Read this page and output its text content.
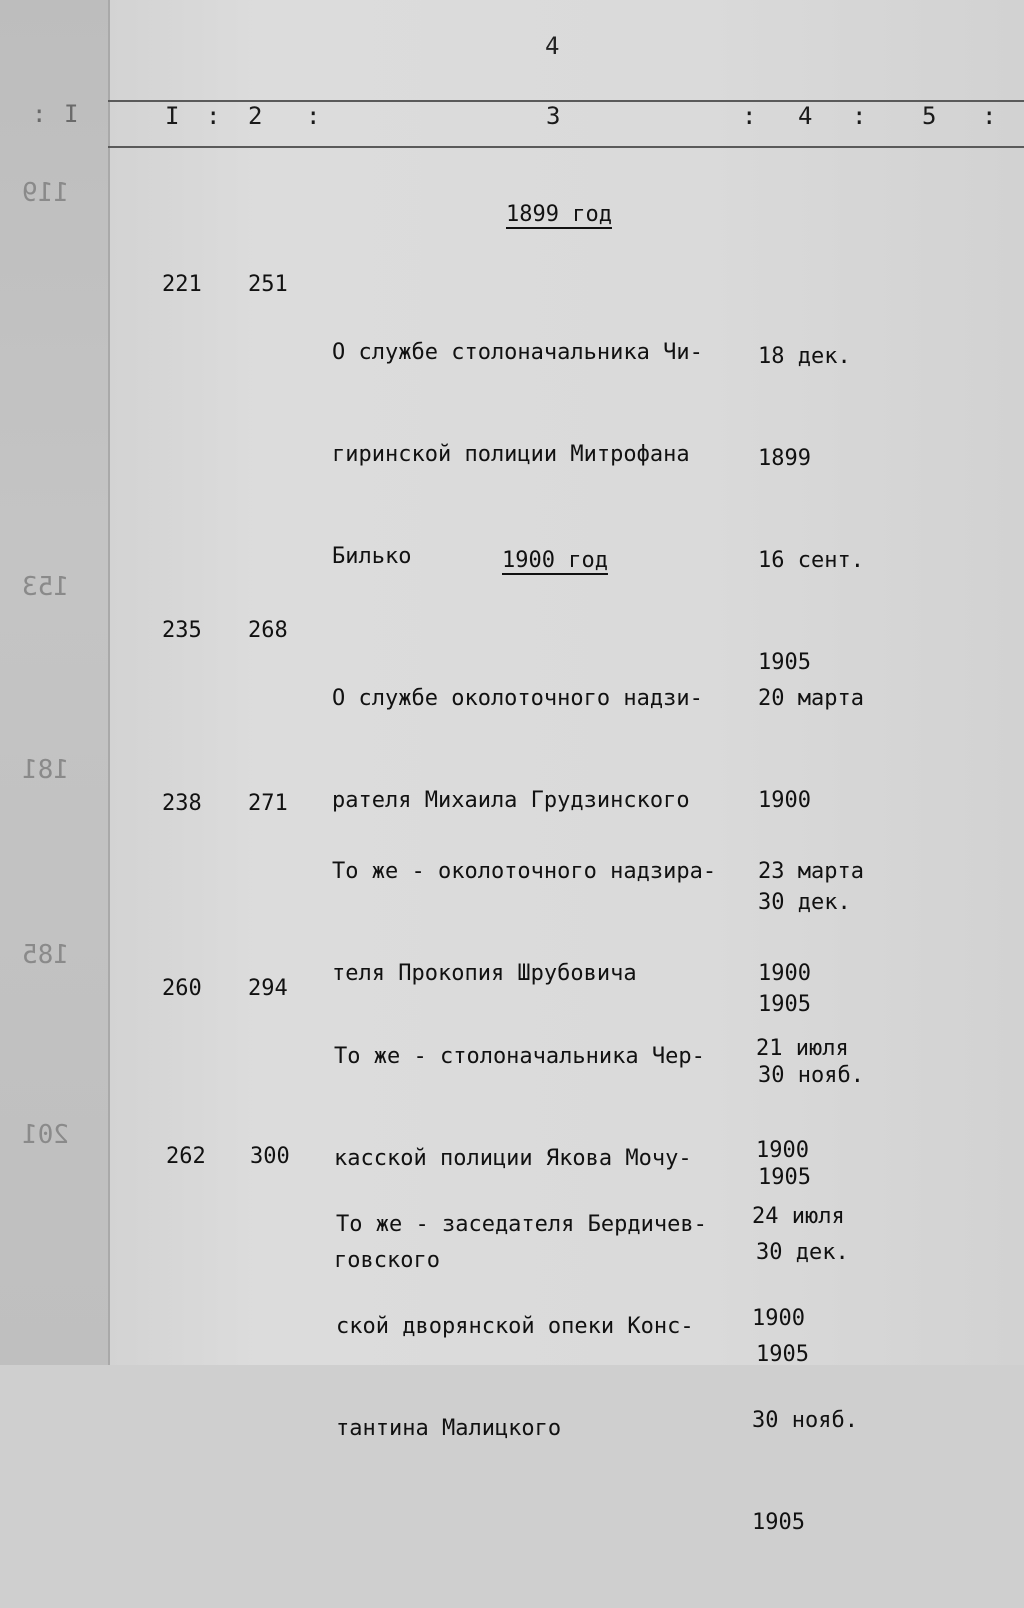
: I
119
153
181
185
201
4
I : 2 :	3	: 4 : 5 :
1899 год
221 251

О службе столоначальника Чи-

гиринской полиции Митрофана

Билько

18 дек.

1899

16 сент.

1905

1900 год
235 268

О службе околоточного надзи-

рателя Михаила Грудзинского

20 марта

1900

30 дек.

1905

238 271

То же - околоточного надзира-

теля Прокопия Шрубовича

23 марта

1900

30 нояб.

1905

260 294

То же - столоначальника Чер-

касской полиции Якова Мочу-

говского

21 июля

1900

30 дек.

1905

262 300

То же - заседателя Бердичев-

ской дворянской опеки Конс-

тантина Малицкого

24 июля

1900

30 нояб.

1905
